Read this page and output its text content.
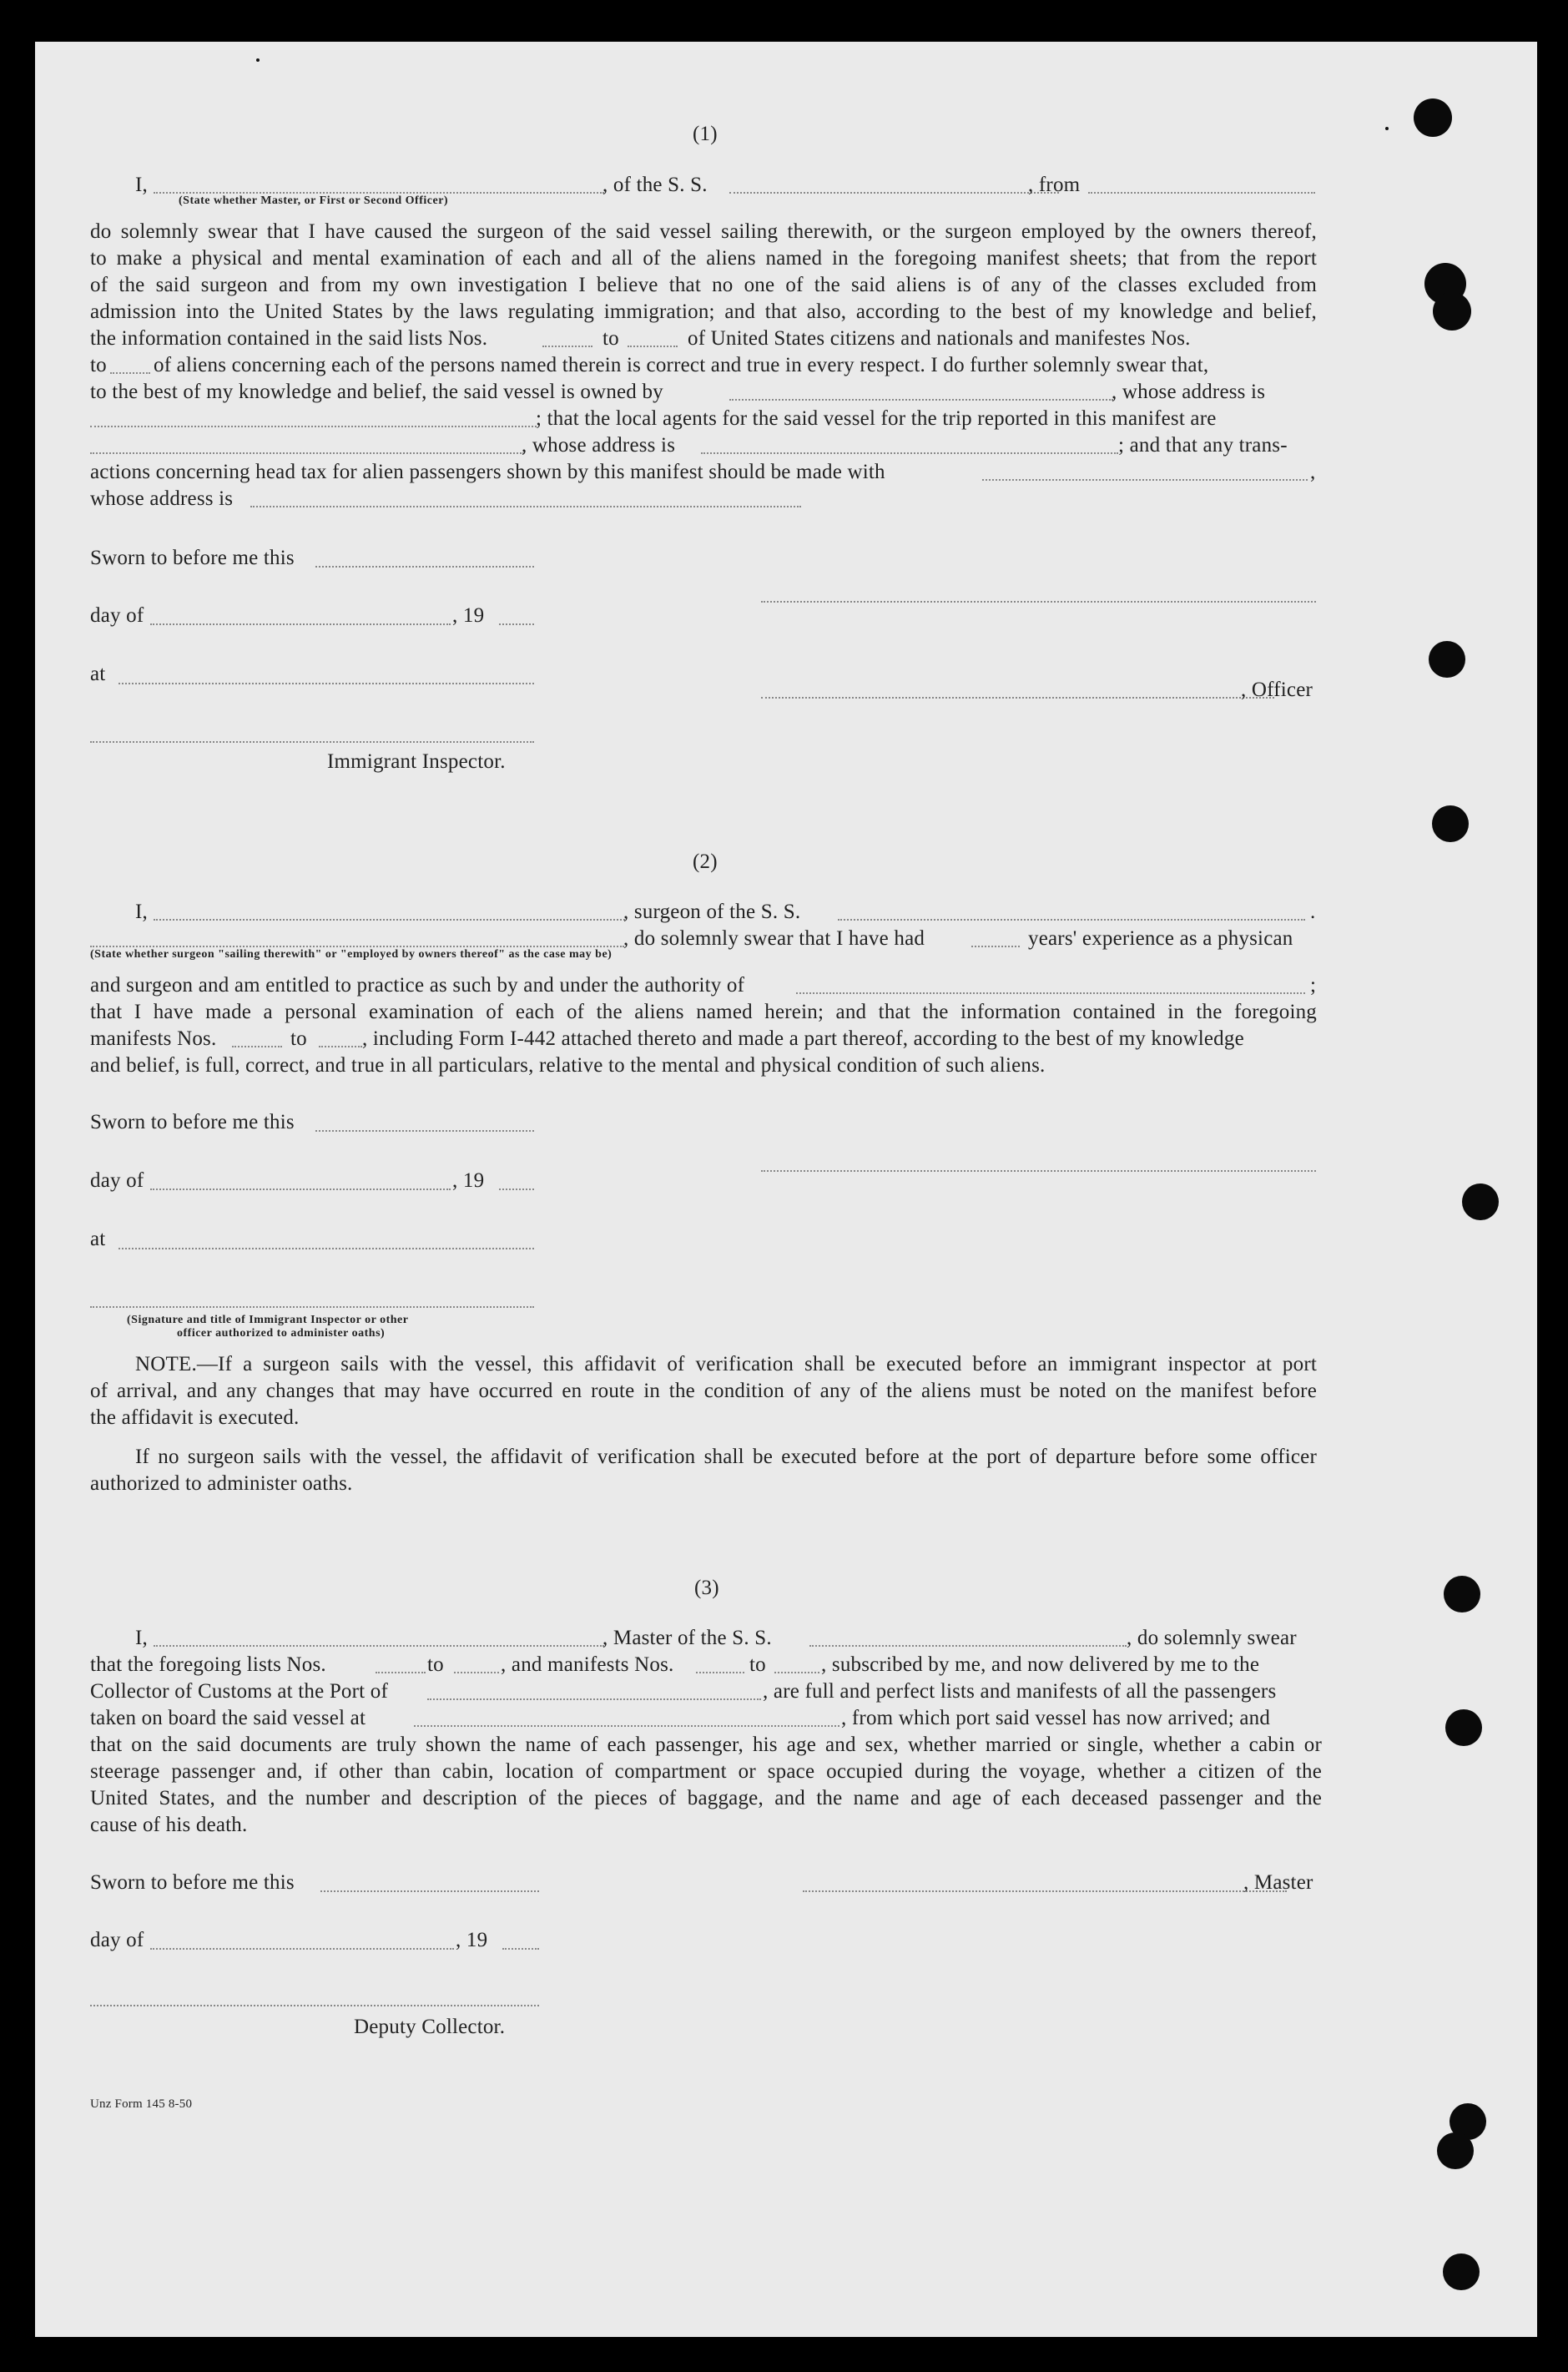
(1)
I,	, of the S. S.	, from
(State whether Master, or First or Second Officer)
do solemnly swear that I have caused the surgeon of the said vessel sailing therewith, or the surgeon employed by the owners thereof,
to make a physical and mental examination of each and all of the aliens named in the foregoing manifest sheets; that from the report
of the said surgeon and from my own investigation I believe that no one of the said aliens is of any of the classes excluded from
admission into the United States by the laws regulating immigration; and that also, according to the best of my knowledge and belief,
the information contained in the said lists Nos.	to	of United States citizens and nationals and manifestes Nos.
to of aliens concerning each of the persons named therein is correct and true in every respect. I do further solemnly swear that,
to the best of my knowledge and belief, the said vessel is owned by	, whose address is
; that the local agents for the said vessel for the trip reported in this manifest are
, whose address is	; and that any trans-
actions concerning head tax for alien passengers shown by this manifest should be made with	,
whose address is
Sworn to before me this
day of	, 19
at
, Officer
Immigrant Inspector.
(2)
I,	, surgeon of the S. S.	.
, do solemnly swear that I have had	years' experience as a physican
(State whether surgeon "sailing therewith" or "employed by owners thereof" as the case may be)
and surgeon and am entitled to practice as such by and under the authority of	;
that I have made a personal examination of each of the aliens named herein; and that the information contained in the foregoing
manifests Nos.	to	, including Form I-442 attached thereto and made a part thereof, according to the best of my knowledge
and belief, is full, correct, and true in all particulars, relative to the mental and physical condition of such aliens.
Sworn to before me this
day of	, 19
at
(Signature and title of Immigrant Inspector or other
officer authorized to administer oaths)
NOTE.—If a surgeon sails with the vessel, this affidavit of verification shall be executed before an immigrant inspector at port
of arrival, and any changes that may have occurred en route in the condition of any of the aliens must be noted on the manifest before
the affidavit is executed.
If no surgeon sails with the vessel, the affidavit of verification shall be executed before at the port of departure before some officer
authorized to administer oaths.
(3)
I,	, Master of the S. S.	, do solemnly swear
that the foregoing lists Nos.	to	, and manifests Nos.	to	, subscribed by me, and now delivered by me to the
Collector of Customs at the Port of	, are full and perfect lists and manifests of all the passengers
taken on board the said vessel at	, from which port said vessel has now arrived; and
that on the said documents are truly shown the name of each passenger, his age and sex, whether married or single, whether a cabin or
steerage passenger and, if other than cabin, location of compartment or space occupied during the voyage, whether a citizen of the
United States, and the number and description of the pieces of baggage, and the name and age of each deceased passenger and the
cause of his death.
Sworn to before me this	, Master
day of	, 19
Deputy Collector.
Unz Form 145 8-50
